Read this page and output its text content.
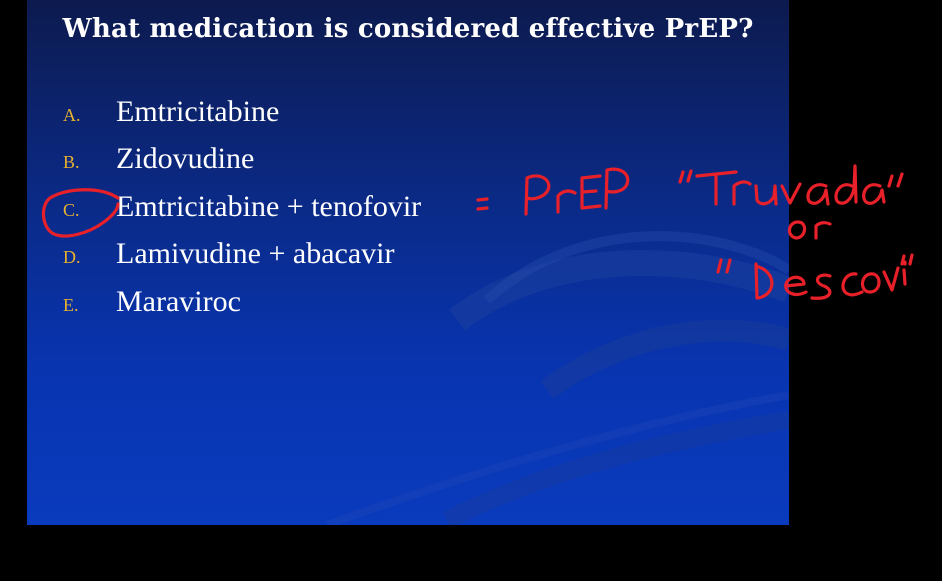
What medication is considered effective PrEP?
A.	Emtricitabine
B.	Zidovudine
C.	Emtricitabine + tenofovir
D.	Lamivudine + abacavir
E.	Maraviroc
